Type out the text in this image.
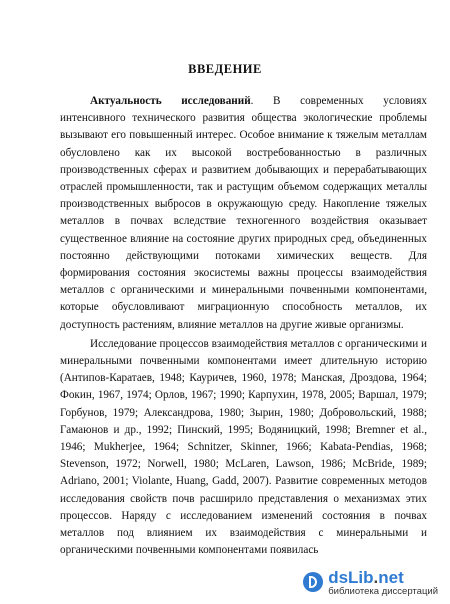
ВВЕДЕНИЕ

Актуальность исследований. В современных условиях интенсивного технического развития общества экологические проблемы вызывают его повышенный интерес. Особое внимание к тяжелым металлам обусловлено как их высокой востребованностью в различных производственных сферах и развитием добывающих и перерабатывающих отраслей промышленности, так и растущим объемом содержащих металлы производственных выбросов в окружающую среду. Накопление тяжелых металлов в почвах вследствие техногенного воздействия оказывает существенное влияние на состояние других природных сред, объединенных постоянно действующими потоками химических веществ. Для формирования состояния экосистемы важны процессы взаимодействия металлов с органическими и минеральными почвенными компонентами, которые обусловливают миграционную способность металлов, их доступность растениям, влияние металлов на другие живые организмы.

Исследование процессов взаимодействия металлов с органическими и минеральными почвенными компонентами имеет длительную историю (Антипов-Каратаев, 1948; Кауричев, 1960, 1978; Манская, Дроздова, 1964; Фокин, 1967, 1974; Орлов, 1967; 1990; Карпухин, 1978, 2005; Варшал, 1979; Горбунов, 1979; Александрова, 1980; Зырин, 1980; Добровольский, 1988; Гамаюнов и др., 1992; Пинский, 1995; Водяницкий, 1998; Bremner et al., 1946; Mukherjee, 1964; Schnitzer, Skinner, 1966; Kabata-Pendias, 1968; Stevenson, 1972; Norwell, 1980; McLaren, Lawson, 1986; McBride, 1989; Adriano, 2001; Violante, Huang, Gadd, 2007). Развитие современных методов исследования свойств почв расширило представления о механизмах этих процессов. Наряду с исследованием изменений состояния в почвах металлов под влиянием их взаимодействия с минеральными и органическими почвенными компонентами появилась

dsLib.net
библиотека диссертаций
